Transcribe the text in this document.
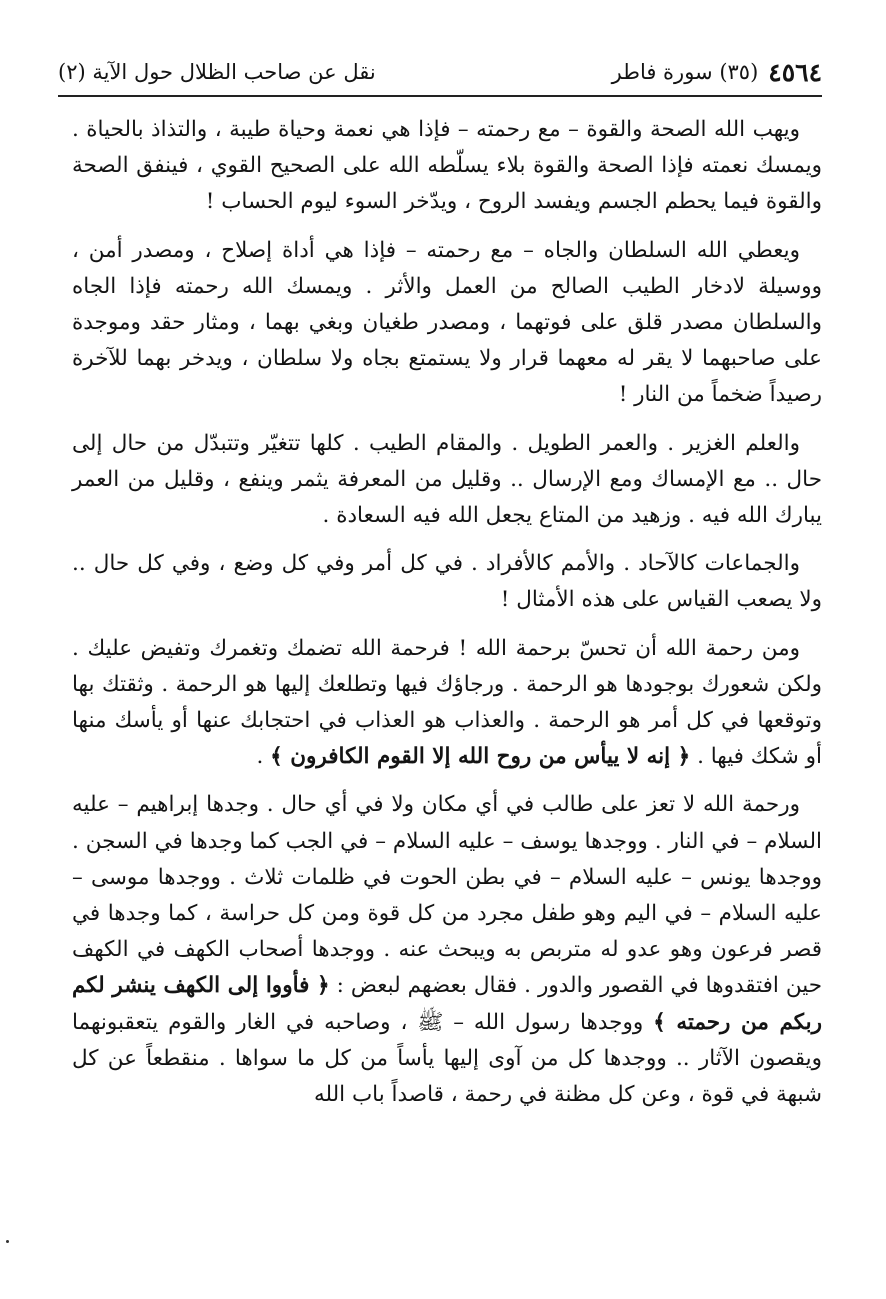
٤٥٦٤
(٣٥) سورة فاطر
نقل عن صاحب الظلال حول الآية (٢)

ويهب الله الصحة والقوة – مع رحمته – فإذا هي نعمة وحياة طيبة ، والتذاذ بالحياة . ويمسك نعمته فإذا الصحة والقوة بلاء يسلّطه الله على الصحيح القوي ، فينفق الصحة والقوة فيما يحطم الجسم ويفسد الروح ، ويدّخر السوء ليوم الحساب !

ويعطي الله السلطان والجاه – مع رحمته – فإذا هي أداة إصلاح ، ومصدر أمن ، ووسيلة لادخار الطيب الصالح من العمل والأثر . ويمسك الله رحمته فإذا الجاه والسلطان مصدر قلق على فوتهما ، ومصدر طغيان وبغي بهما ، ومثار حقد وموجدة على صاحبهما لا يقر له معهما قرار ولا يستمتع بجاه ولا سلطان ، ويدخر بهما للآخرة رصيداً ضخماً من النار !

والعلم الغزير . والعمر الطويل . والمقام الطيب . كلها تتغيّر وتتبدّل من حال إلى حال .. مع الإمساك ومع الإرسال .. وقليل من المعرفة يثمر وينفع ، وقليل من العمر يبارك الله فيه . وزهيد من المتاع يجعل الله فيه السعادة .

والجماعات كالآحاد . والأمم كالأفراد . في كل أمر وفي كل وضع ، وفي كل حال .. ولا يصعب القياس على هذه الأمثال !

ومن رحمة الله أن تحسّ برحمة الله ! فرحمة الله تضمك وتغمرك وتفيض عليك . ولكن شعورك بوجودها هو الرحمة . ورجاؤك فيها وتطلعك إليها هو الرحمة . وثقتك بها وتوقعها في كل أمر هو الرحمة . والعذاب هو العذاب في احتجابك عنها أو يأسك منها أو شكك فيها . ﴿ إنه لا ييأس من روح الله إلا القوم الكافرون ﴾ .

ورحمة الله لا تعز على طالب في أي مكان ولا في أي حال . وجدها إبراهيم – عليه السلام – في النار . ووجدها يوسف – عليه السلام – في الجب كما وجدها في السجن . ووجدها يونس – عليه السلام – في بطن الحوت في ظلمات ثلاث . ووجدها موسى – عليه السلام – في اليم وهو طفل مجرد من كل قوة ومن كل حراسة ، كما وجدها في قصر فرعون وهو عدو له متربص به ويبحث عنه . ووجدها أصحاب الكهف في الكهف حين افتقدوها في القصور والدور . فقال بعضهم لبعض : ﴿ فأووا إلى الكهف ينشر لكم ربكم من رحمته ﴾ ووجدها رسول الله – ﷺ ، وصاحبه في الغار والقوم يتعقبونهما ويقصون الآثار .. ووجدها كل من آوى إليها يأساً من كل ما سواها . منقطعاً عن كل شبهة في قوة ، وعن كل مظنة في رحمة ، قاصداً باب الله
